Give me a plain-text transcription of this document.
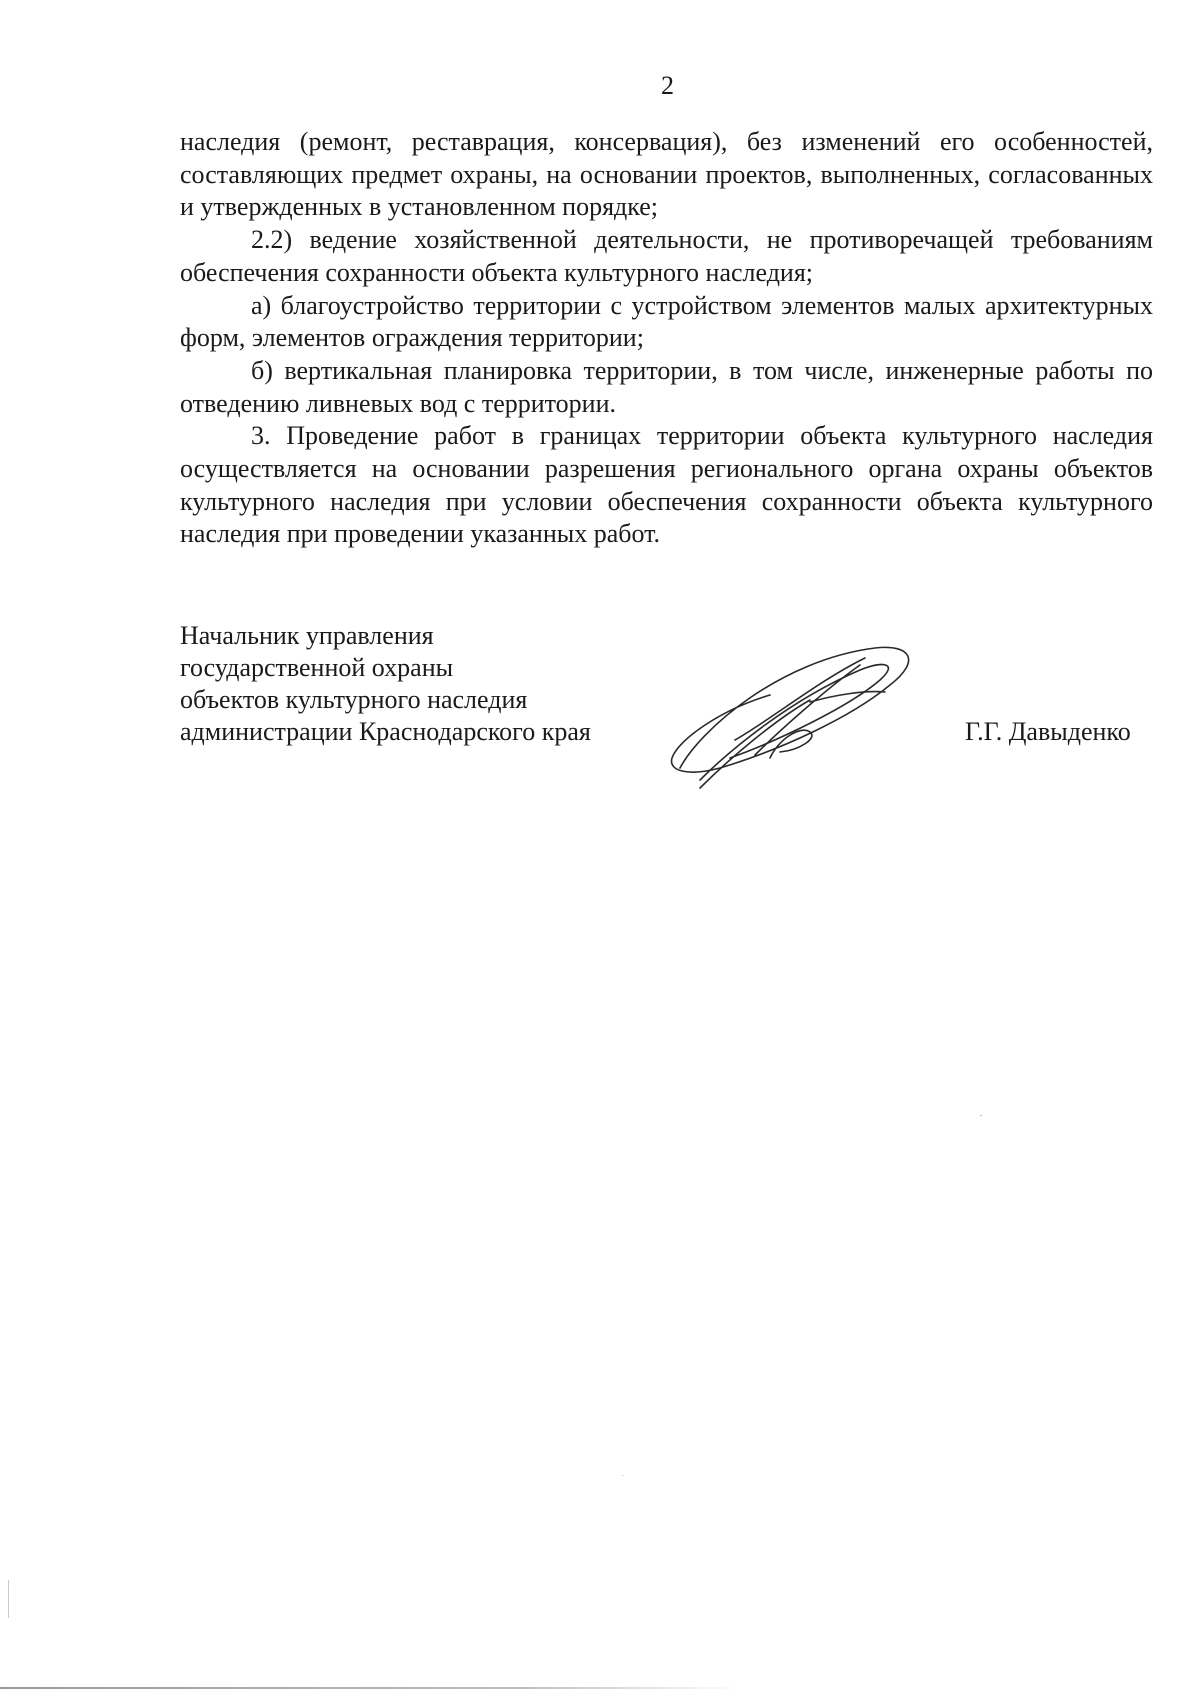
2

наследия (ремонт, реставрация, консервация), без изменений его особенностей, составляющих предмет охраны, на основании проектов, выполненных, согласованных и утвержденных в установленном порядке;

2.2) ведение хозяйственной деятельности, не противоречащей требованиям обеспечения сохранности объекта культурного наследия;

а) благоустройство территории с устройством элементов малых архитектурных форм, элементов ограждения территории;

б) вертикальная планировка территории, в том числе, инженерные работы по отведению ливневых вод с территории.

3. Проведение работ в границах территории объекта культурного наследия осуществляется на основании разрешения регионального органа охраны объектов культурного наследия при условии обеспечения сохранности объекта культурного наследия при проведении указанных работ.

Начальник управления
государственной охраны
объектов культурного наследия
администрации Краснодарского края	Г.Г. Давыденко
